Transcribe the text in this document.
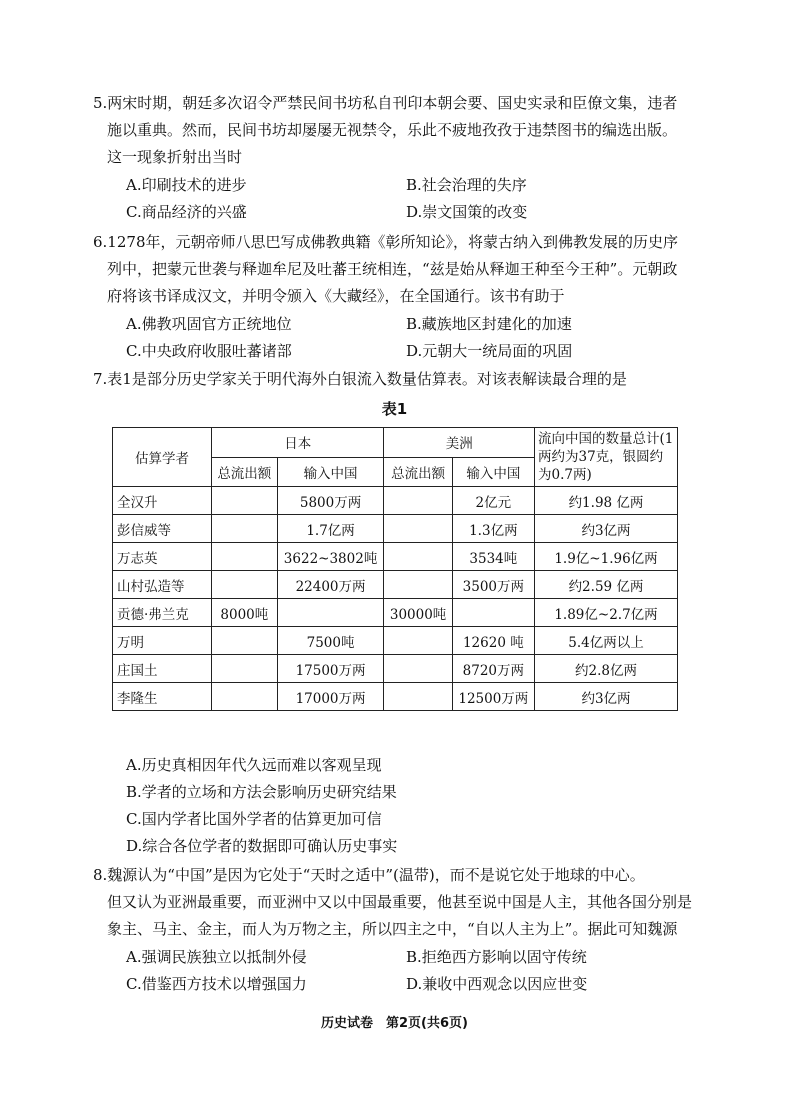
5.两宋时期，朝廷多次诏令严禁民间书坊私自刊印本朝会要、国史实录和臣僚文集，违者
施以重典。然而，民间书坊却屡屡无视禁令，乐此不疲地孜孜于违禁图书的编选出版。
这一现象折射出当时
A.印刷技术的进步	B.社会治理的失序
C.商品经济的兴盛	D.崇文国策的改变
6.1278年，元朝帝师八思巴写成佛教典籍《彰所知论》，将蒙古纳入到佛教发展的历史序
列中，把蒙元世袭与释迦牟尼及吐蕃王统相连，“兹是始从释迦王种至今王种”。元朝政
府将该书译成汉文，并明令颁入《大藏经》，在全国通行。该书有助于
A.佛教巩固官方正统地位	B.藏族地区封建化的加速
C.中央政府收服吐蕃诸部	D.元朝大一统局面的巩固
7.表1是部分历史学家关于明代海外白银流入数量估算表。对该表解读最合理的是
表1
估算学者	日本		美洲		流向中国的数量总计(1两约为37克，银圆约为0.7两)
	总流出额	输入中国	总流出额	输入中国	
全汉升		5800万两		2亿元	约1.98 亿两
彭信威等		1.7亿两		1.3亿两	约3亿两
万志英		3622~3802吨		3534吨	1.9亿~1.96亿两
山村弘造等		22400万两		3500万两	约2.59 亿两
贡德·弗兰克	8000吨		30000吨		1.89亿~2.7亿两
万明		7500吨		12620 吨	5.4亿两以上
庄国土		17500万两		8720万两	约2.8亿两
李隆生		17000万两		12500万两	约3亿两
A.历史真相因年代久远而难以客观呈现
B.学者的立场和方法会影响历史研究结果
C.国内学者比国外学者的估算更加可信
D.综合各位学者的数据即可确认历史事实
8.魏源认为“中国”是因为它处于“天时之适中”(温带)，而不是说它处于地球的中心。
但又认为亚洲最重要，而亚洲中又以中国最重要，他甚至说中国是人主，其他各国分别是
象主、马主、金主，而人为万物之主，所以四主之中，“自以人主为上”。据此可知魏源
A.强调民族独立以抵制外侵	B.拒绝西方影响以固守传统
C.借鉴西方技术以增强国力	D.兼收中西观念以因应世变
历史试卷　第2页(共6页)
